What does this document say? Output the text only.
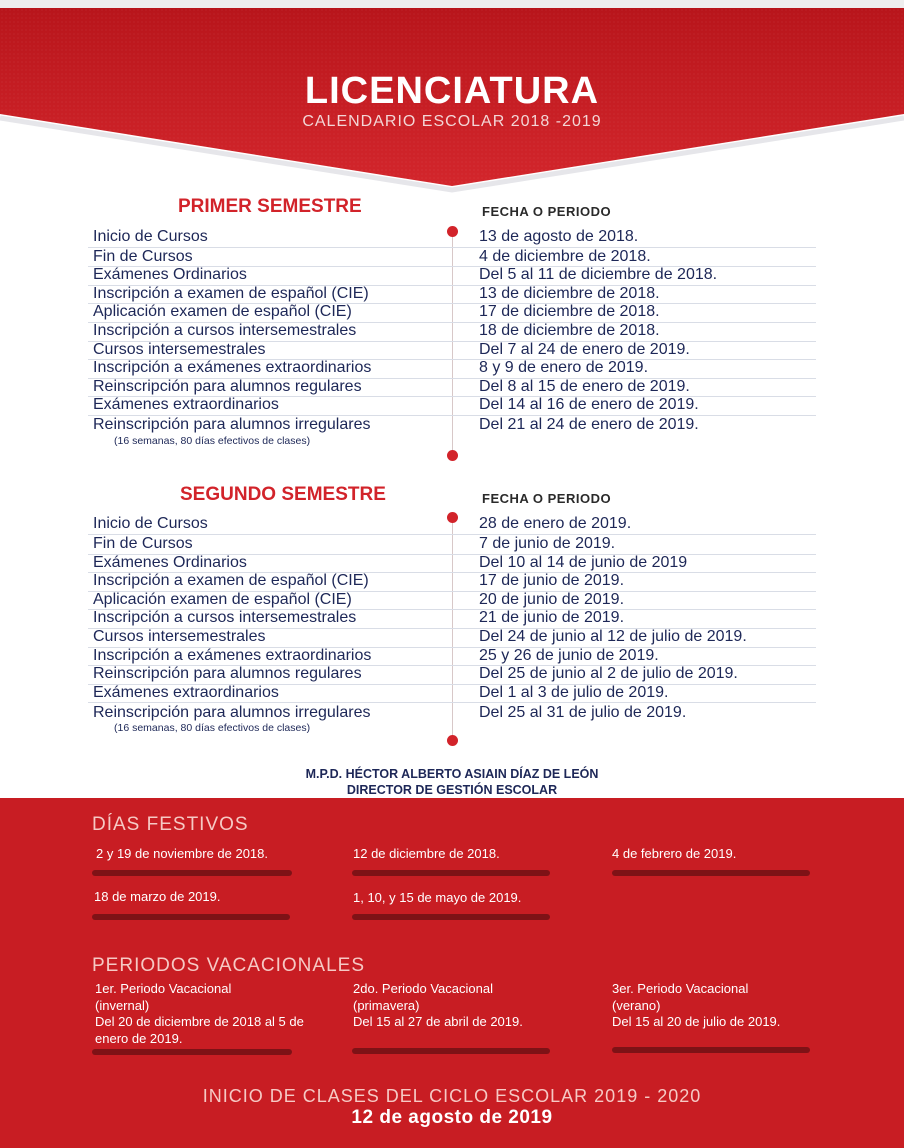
LICENCIATURA
CALENDARIO ESCOLAR 2018 -2019
PRIMER SEMESTRE	FECHA O PERIODO
Inicio de Cursos	13 de agosto de 2018.
Fin de Cursos	4 de diciembre de 2018.
Exámenes Ordinarios	Del 5 al 11 de diciembre de 2018.
Inscripción a examen de español (CIE)	13 de diciembre de 2018.
Aplicación examen de español (CIE)	17 de diciembre de 2018.
Inscripción a cursos intersemestrales	18 de diciembre de 2018.
Cursos intersemestrales	Del 7 al 24 de enero de 2019.
Inscripción a exámenes extraordinarios	8 y 9 de enero de 2019.
Reinscripción para alumnos regulares	Del 8 al 15 de enero de 2019.
Exámenes extraordinarios	Del 14 al 16 de enero de 2019.
Reinscripción para alumnos irregulares	Del 21 al 24 de enero de 2019.
(16 semanas, 80 días efectivos de clases)
SEGUNDO SEMESTRE	FECHA O PERIODO
Inicio de Cursos	28 de enero de 2019.
Fin de Cursos	7 de junio de 2019.
Exámenes Ordinarios	Del 10 al 14 de junio de 2019
Inscripción a examen de español (CIE)	17 de junio de 2019.
Aplicación examen de español (CIE)	20 de junio de 2019.
Inscripción a cursos intersemestrales	21 de junio de 2019.
Cursos intersemestrales	Del 24 de junio al 12 de julio de 2019.
Inscripción a exámenes extraordinarios	25 y 26 de junio de 2019.
Reinscripción para alumnos regulares	Del 25 de junio al 2 de julio de 2019.
Exámenes extraordinarios	Del 1 al 3 de julio de 2019.
Reinscripción para alumnos irregulares	Del 25 al 31 de julio de 2019.
(16 semanas, 80 días efectivos de clases)
M.P.D. HÉCTOR ALBERTO ASIAIN DÍAZ DE LEÓN
DIRECTOR DE GESTIÓN ESCOLAR
DÍAS FESTIVOS
2 y 19 de noviembre de 2018.	12 de diciembre de 2018.	4 de febrero de 2019.
18 de marzo de 2019.	1, 10, y 15 de mayo de 2019.
PERIODOS VACACIONALES
1er. Periodo Vacacional
(invernal)
Del 20 de diciembre de 2018 al 5 de enero de 2019.
2do. Periodo Vacacional
(primavera)
Del 15 al 27 de abril de 2019.
3er. Periodo Vacacional
(verano)
Del 15 al 20 de julio de 2019.
INICIO DE CLASES DEL CICLO ESCOLAR 2019 - 2020
12 de agosto de 2019
